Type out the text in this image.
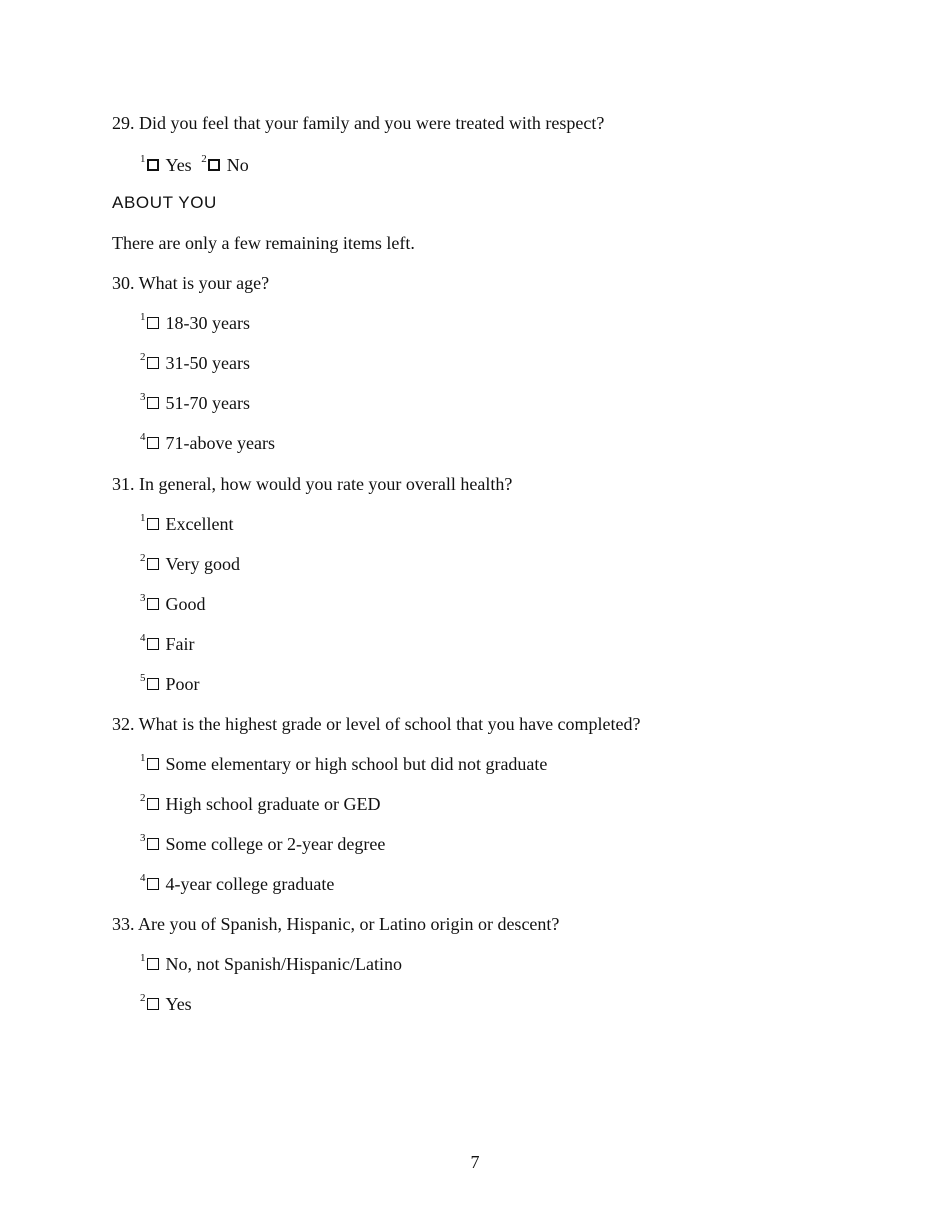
29. Did you feel that your family and you were treated with respect?
$^1$ Yes
$^2$ No
ABOUT YOU
There are only a few remaining items left.
30. What is your age?
$^1$ 18-30 years
$^2$ 31-50 years
$^3$ 51-70 years
$^4$ 71-above years
31. In general, how would you rate your overall health?
$^1$ Excellent
$^2$ Very good
$^3$ Good
$^4$ Fair
$^5$ Poor
32. What is the highest grade or level of school that you have completed?
$^1$ Some elementary or high school but did not graduate
$^2$ High school graduate or GED
$^3$ Some college or 2-year degree
$^4$ 4-year college graduate
33. Are you of Spanish, Hispanic, or Latino origin or descent?
$^1$ No, not Spanish/Hispanic/Latino
$^2$ Yes
7
